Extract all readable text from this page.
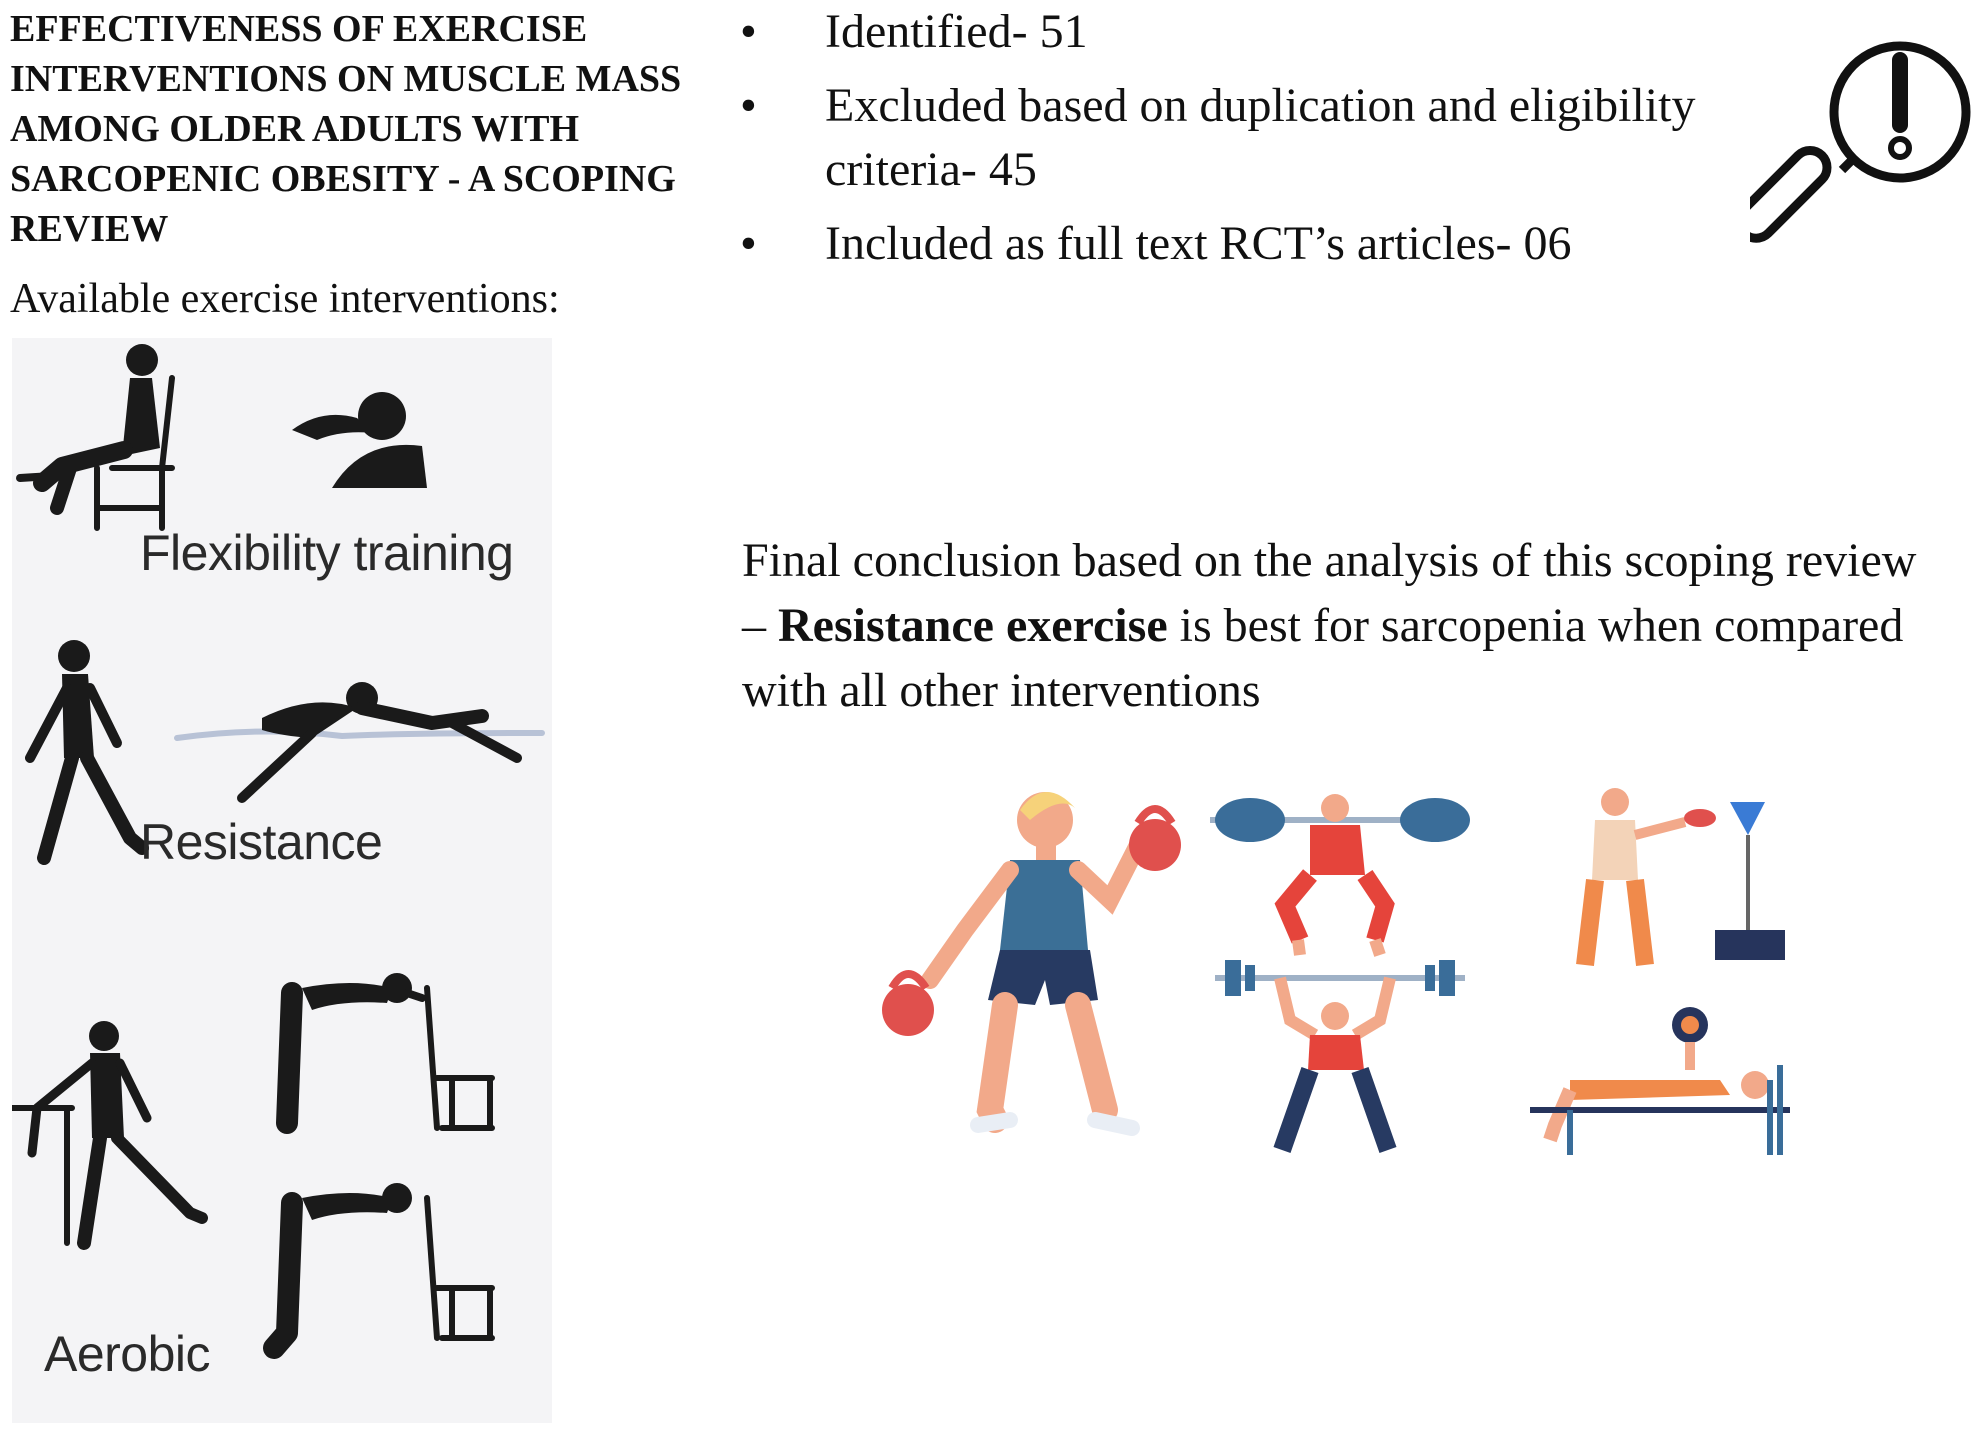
EFFECTIVENESS OF EXERCISE INTERVENTIONS ON MUSCLE MASS AMONG OLDER ADULTS WITH SARCOPENIC OBESITY - A SCOPING REVIEW

Available exercise interventions:

Flexibility training
Resistance
Aerobic
• Identified- 51
• Excluded based on duplication and eligibility criteria- 45
• Included as full text RCT’s articles- 06

Final conclusion based on the analysis of this scoping review – Resistance exercise is best for sarcopenia when compared with all other interventions
